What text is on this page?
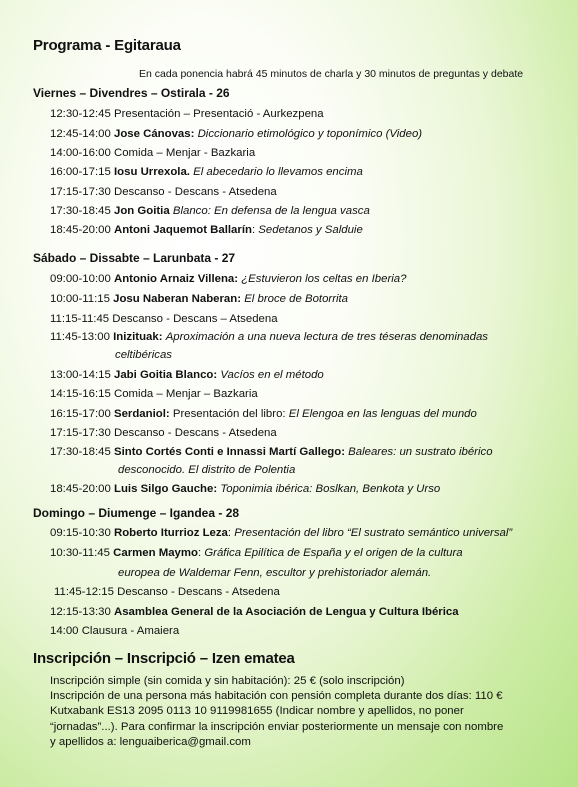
Programa - Egitaraua
En cada ponencia habrá 45 minutos de charla y 30 minutos de preguntas y debate
Viernes – Divendres – Ostirala - 26
12:30-12:45 Presentación – Presentació - Aurkezpena
12:45-14:00 Jose Cánovas: Diccionario etimológico y toponímico (Video)
14:00-16:00 Comida – Menjar - Bazkaria
16:00-17:15 Iosu Urrexola. El abecedario lo llevamos encima
17:15-17:30 Descanso - Descans - Atsedena
17:30-18:45 Jon Goitia Blanco: En defensa de la lengua vasca
18:45-20:00 Antoni Jaquemot Ballarín: Sedetanos y Salduie
Sábado – Dissabte – Larunbata - 27
09:00-10:00 Antonio Arnaiz Villena: ¿Estuvieron los celtas en Iberia?
10:00-11:15 Josu Naberan Naberan: El broce de Botorrita
11:15-11:45 Descanso - Descans – Atsedena
11:45-13:00 Inizituak: Aproximación a una nueva lectura de tres téseras denominadas
celtibéricas
13:00-14:15 Jabi Goitia Blanco: Vacíos en el método
14:15-16:15 Comida – Menjar – Bazkaria
16:15-17:00 Serdaniol: Presentación del libro: El Elengoa en las lenguas del mundo
17:15-17:30 Descanso - Descans - Atsedena
17:30-18:45 Sinto Cortés Conti e Innassi Martí Gallego: Baleares: un sustrato ibérico
desconocido. El distrito de Polentia
18:45-20:00 Luis Silgo Gauche: Toponimia ibérica: Boslkan, Benkota y Urso
Domingo – Diumenge – Igandea - 28
09:15-10:30 Roberto Iturrioz Leza: Presentación del libro “El sustrato semántico universal”
10:30-11:45 Carmen Maymo: Gráfica Epilítica de España y el origen de la cultura
europea de Waldemar Fenn, escultor y prehistoriador alemán.
11:45-12:15 Descanso - Descans - Atsedena
12:15-13:30 Asamblea General de la Asociación de Lengua y Cultura Ibérica
14:00 Clausura - Amaiera
Inscripción – Inscripció – Izen ematea
Inscripción simple (sin comida y sin habitación): 25 € (solo inscripción)
Inscripción de una persona más habitación con pensión completa durante dos días: 110 €
Kutxabank ES13 2095 0113 10 9119981655 (Indicar nombre y apellidos, no poner
“jornadas”...). Para confirmar la inscripción enviar posteriormente un mensaje con nombre
y apellidos a: lenguaiberica@gmail.com
